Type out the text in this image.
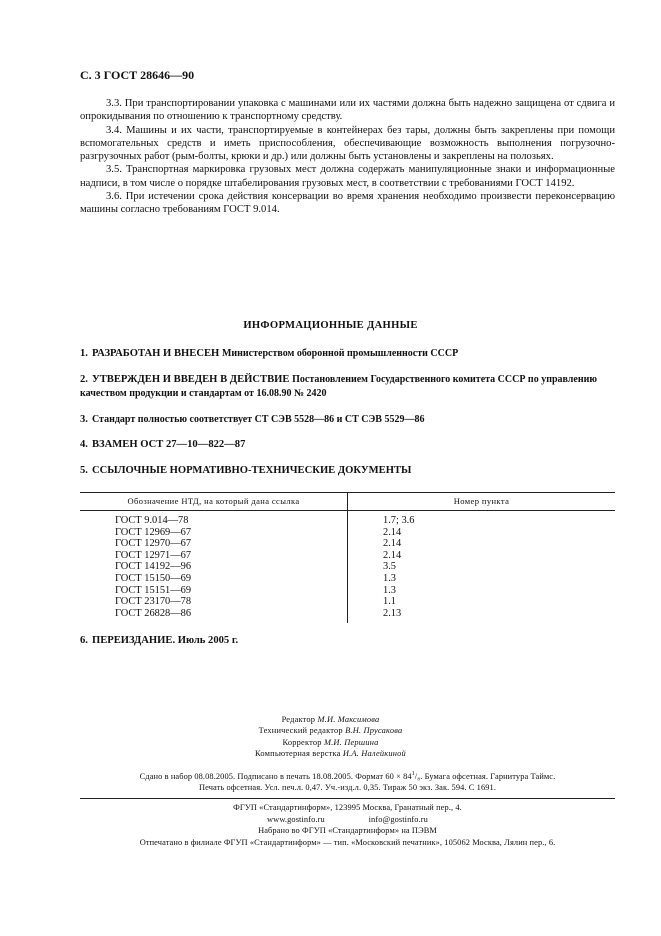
С. 3 ГОСТ 28646—90

3.3. При транспортировании упаковка с машинами или их частями должна быть надежно защищена от сдвига и опрокидывания по отношению к транспортному средству.

3.4. Машины и их части, транспортируемые в контейнерах без тары, должны быть закреплены при помощи вспомогательных средств и иметь приспособления, обеспечивающие возможность выполнения погрузочно-разгрузочных работ (рым-болты, крюки и др.) или должны быть установлены и закреплены на полозьях.

3.5. Транспортная маркировка грузовых мест должна содержать манипуляционные знаки и информационные надписи, в том числе о порядке штабелирования грузовых мест, в соответствии с требованиями ГОСТ 14192.

3.6. При истечении срока действия консервации во время хранения необходимо произвести переконсервацию машины согласно требованиям ГОСТ 9.014.

ИНФОРМАЦИОННЫЕ ДАННЫЕ
1. РАЗРАБОТАН И ВНЕСЕН Министерством оборонной промышленности СССР
2. УТВЕРЖДЕН И ВВЕДЕН В ДЕЙСТВИЕ Постановлением Государственного комитета СССР по управлению качеством продукции и стандартам от 16.08.90 № 2420
3. Стандарт полностью соответствует СТ СЭВ 5528—86 и СТ СЭВ 5529—86
4. ВЗАМЕН ОСТ 27—10—822—87
5. ССЫЛОЧНЫЕ НОРМАТИВНО-ТЕХНИЧЕСКИЕ ДОКУМЕНТЫ
Обозначение НТД, на который дана ссылка	Номер пункта
ГОСТ 9.014—78	1.7; 3.6
ГОСТ 12969—67	2.14
ГОСТ 12970—67	2.14
ГОСТ 12971—67	2.14
ГОСТ 14192—96	3.5
ГОСТ 15150—69	1.3
ГОСТ 15151—69	1.3
ГОСТ 23170—78	1.1
ГОСТ 26828—86	2.13
6. ПЕРЕИЗДАНИЕ. Июль 2005 г.
Редактор М.И. Максимова
Технический редактор В.Н. Прусакова
Корректор М.И. Першина
Компьютерная верстка И.А. Налейкиной
Сдано в набор 08.08.2005. Подписано в печать 18.08.2005. Формат $60 \times 84^1/_8$. Бумага офсетная. Гарнитура Таймс.
Печать офсетная. Усл. печ.л. 0,47. Уч.-изд.л. 0,35. Тираж 50 экз. Зак. 594. С 1691.
ФГУП «Стандартинформ», 123995 Москва, Гранатный пер., 4.
www.gostinfo.ru                    info@gostinfo.ru
Набрано во ФГУП «Стандартинформ» на ПЭВМ
Отпечатано в филиале ФГУП «Стандартинформ» — тип. «Московский печатник», 105062 Москва, Лялин пер., 6.
